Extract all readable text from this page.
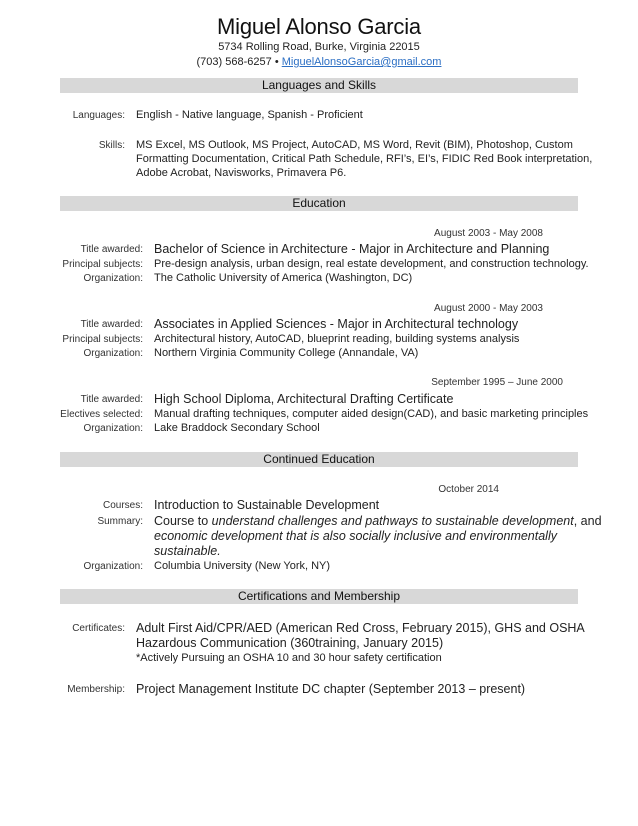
Miguel Alonso Garcia
5734 Rolling Road, Burke, Virginia 22015
(703) 568-6257 • MiguelAlonsoGarcia@gmail.com
Languages and Skills
Languages: English - Native language, Spanish - Proficient
Skills: MS Excel, MS Outlook, MS Project, AutoCAD, MS Word, Revit (BIM), Photoshop, Custom
Formatting Documentation, Critical Path Schedule, RFI’s, EI’s, FIDIC Red Book interpretation,
Adobe Acrobat, Navisworks, Primavera P6.
Education
August 2003 - May 2008
Title awarded: Bachelor of Science in Architecture - Major in Architecture and Planning
Principal subjects: Pre-design analysis, urban design, real estate development, and construction technology.
Organization: The Catholic University of America (Washington, DC)
August 2000 - May 2003
Title awarded: Associates in Applied Sciences - Major in Architectural technology
Principal subjects: Architectural history, AutoCAD, blueprint reading, building systems analysis
Organization: Northern Virginia Community College (Annandale, VA)
September 1995 – June 2000
Title awarded: High School Diploma, Architectural Drafting Certificate
Electives selected: Manual drafting techniques, computer aided design(CAD), and basic marketing principles
Organization: Lake Braddock Secondary School
Continued Education
October 2014
Courses: Introduction to Sustainable Development
Summary: Course to understand challenges and pathways to sustainable development, and
economic development that is also socially inclusive and environmentally
sustainable.
Organization: Columbia University (New York, NY)
Certifications and Membership
Certificates: Adult First Aid/CPR/AED (American Red Cross, February 2015), GHS and OSHA
Hazardous Communication (360training, January 2015)
*Actively Pursuing an OSHA 10 and 30 hour safety certification
Membership: Project Management Institute DC chapter (September 2013 – present)
